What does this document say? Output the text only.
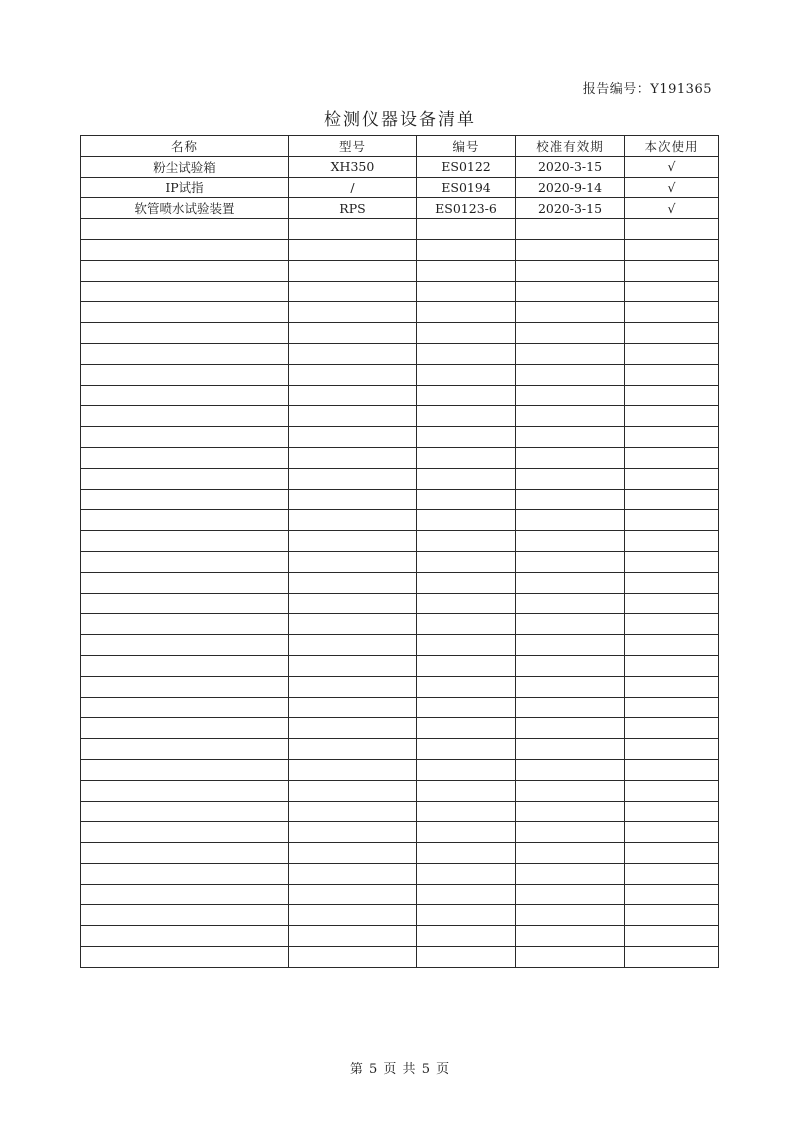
报告编号：Y191365
检测仪器设备清单
名称	型号	编号	校准有效期	本次使用
粉尘试验箱	XH350	ES0122	2020-3-15	√
IP试指	/	ES0194	2020-9-14	√
软管喷水试验装置	RPS	ES0123-6	2020-3-15	√

第 5 页 共 5 页
